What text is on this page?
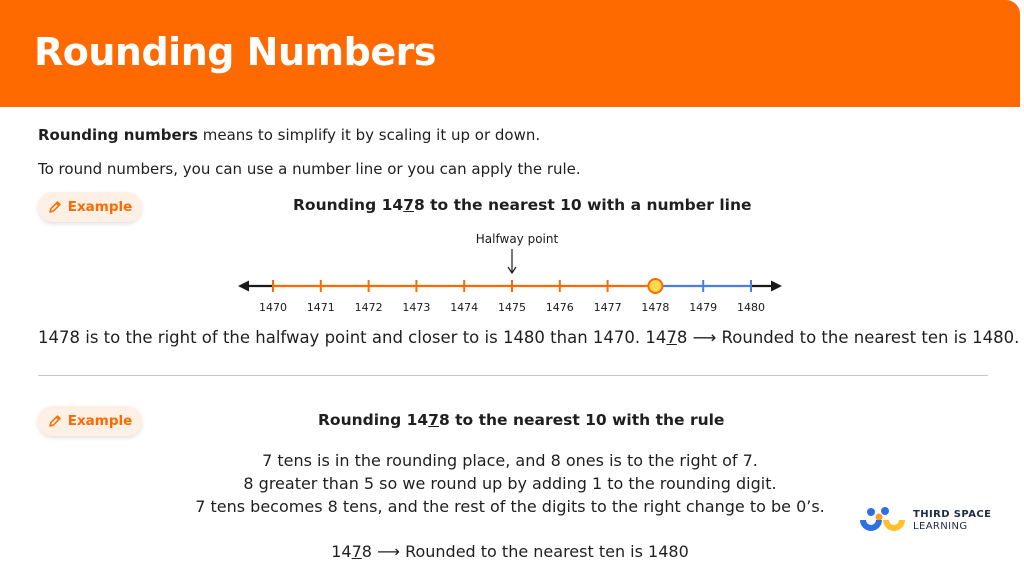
Rounding Numbers
Rounding numbers means to simplify it by scaling it up or down.
To round numbers, you can use a number line or you can apply the rule.
Example	Rounding 1478 to the nearest 10 with a number line
Halfway point
1470 1471 1472 1473 1474 1475 1476 1477 1478 1479 1480
1478 is to the right of the halfway point and closer to is 1480 than 1470. 1478 ⟶ Rounded to the nearest ten is 1480.
Example	Rounding 1478 to the nearest 10 with the rule
7 tens is in the rounding place, and 8 ones is to the right of 7.
8 greater than 5 so we round up by adding 1 to the rounding digit.
7 tens becomes 8 tens, and the rest of the digits to the right change to be 0’s.
1478 ⟶ Rounded to the nearest ten is 1480
THIRD SPACE
LEARNING
